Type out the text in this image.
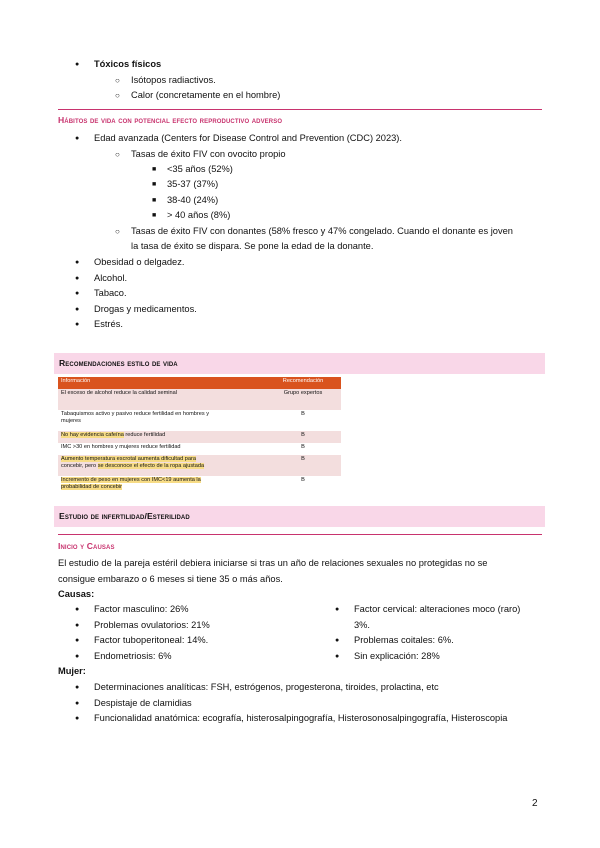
● Tóxicos físicos
○ Isótopos radiactivos.
○ Calor (concretamente en el hombre)
Hábitos de vida con potencial efecto reproductivo adverso
● Edad avanzada (Centers for Disease Control and Prevention (CDC) 2023).
○ Tasas de éxito FIV con ovocito propio
■ <35 años (52%)
■ 35-37 (37%)
■ 38-40 (24%)
■ > 40 años (8%)
○ Tasas de éxito FIV con donantes (58% fresco y 47% congelado. Cuando el donante es joven
la tasa de éxito se dispara. Se pone la edad de la donante.
● Obesidad o delgadez.
● Alcohol.
● Tabaco.
● Drogas y medicamentos.
● Estrés.
Recomendaciones estilo de vida
Información	Recomendación
El exceso de alcohol reduce la calidad seminal	Grupo expertos
Tabaquismos activo y pasivo reduce fertilidad en hombres y
mujeres	B
No hay evidencia cafeína reduce fertilidad	B
IMC >30 en hombres y mujeres reduce fertilidad	B
Aumento temperatura escrotal aumenta dificultad para
concebir, pero se desconoce el efecto de la ropa ajustada	B
Incremento de peso en mujeres con IMC<19 aumenta la
probabilidad de concebir	B
Estudio de infertilidad/Esterilidad
Inicio y Causas
El estudio de la pareja estéril debiera iniciarse si tras un año de relaciones sexuales no protegidas no se
consigue embarazo o 6 meses si tiene 35 o más años.
Causas:
● Factor masculino: 26%
● Problemas ovulatorios: 21%
● Factor tuboperitoneal: 14%.
● Endometriosis: 6%
● Factor cervical: alteraciones moco (raro)
3%.
● Problemas coitales: 6%.
● Sin explicación: 28%
Mujer:
● Determinaciones analíticas: FSH, estrógenos, progesterona, tiroides, prolactina, etc
● Despistaje de clamidias
● Funcionalidad anatómica: ecografía, histerosalpingografía, Histerosonosalpingografía, Histeroscopia
2
